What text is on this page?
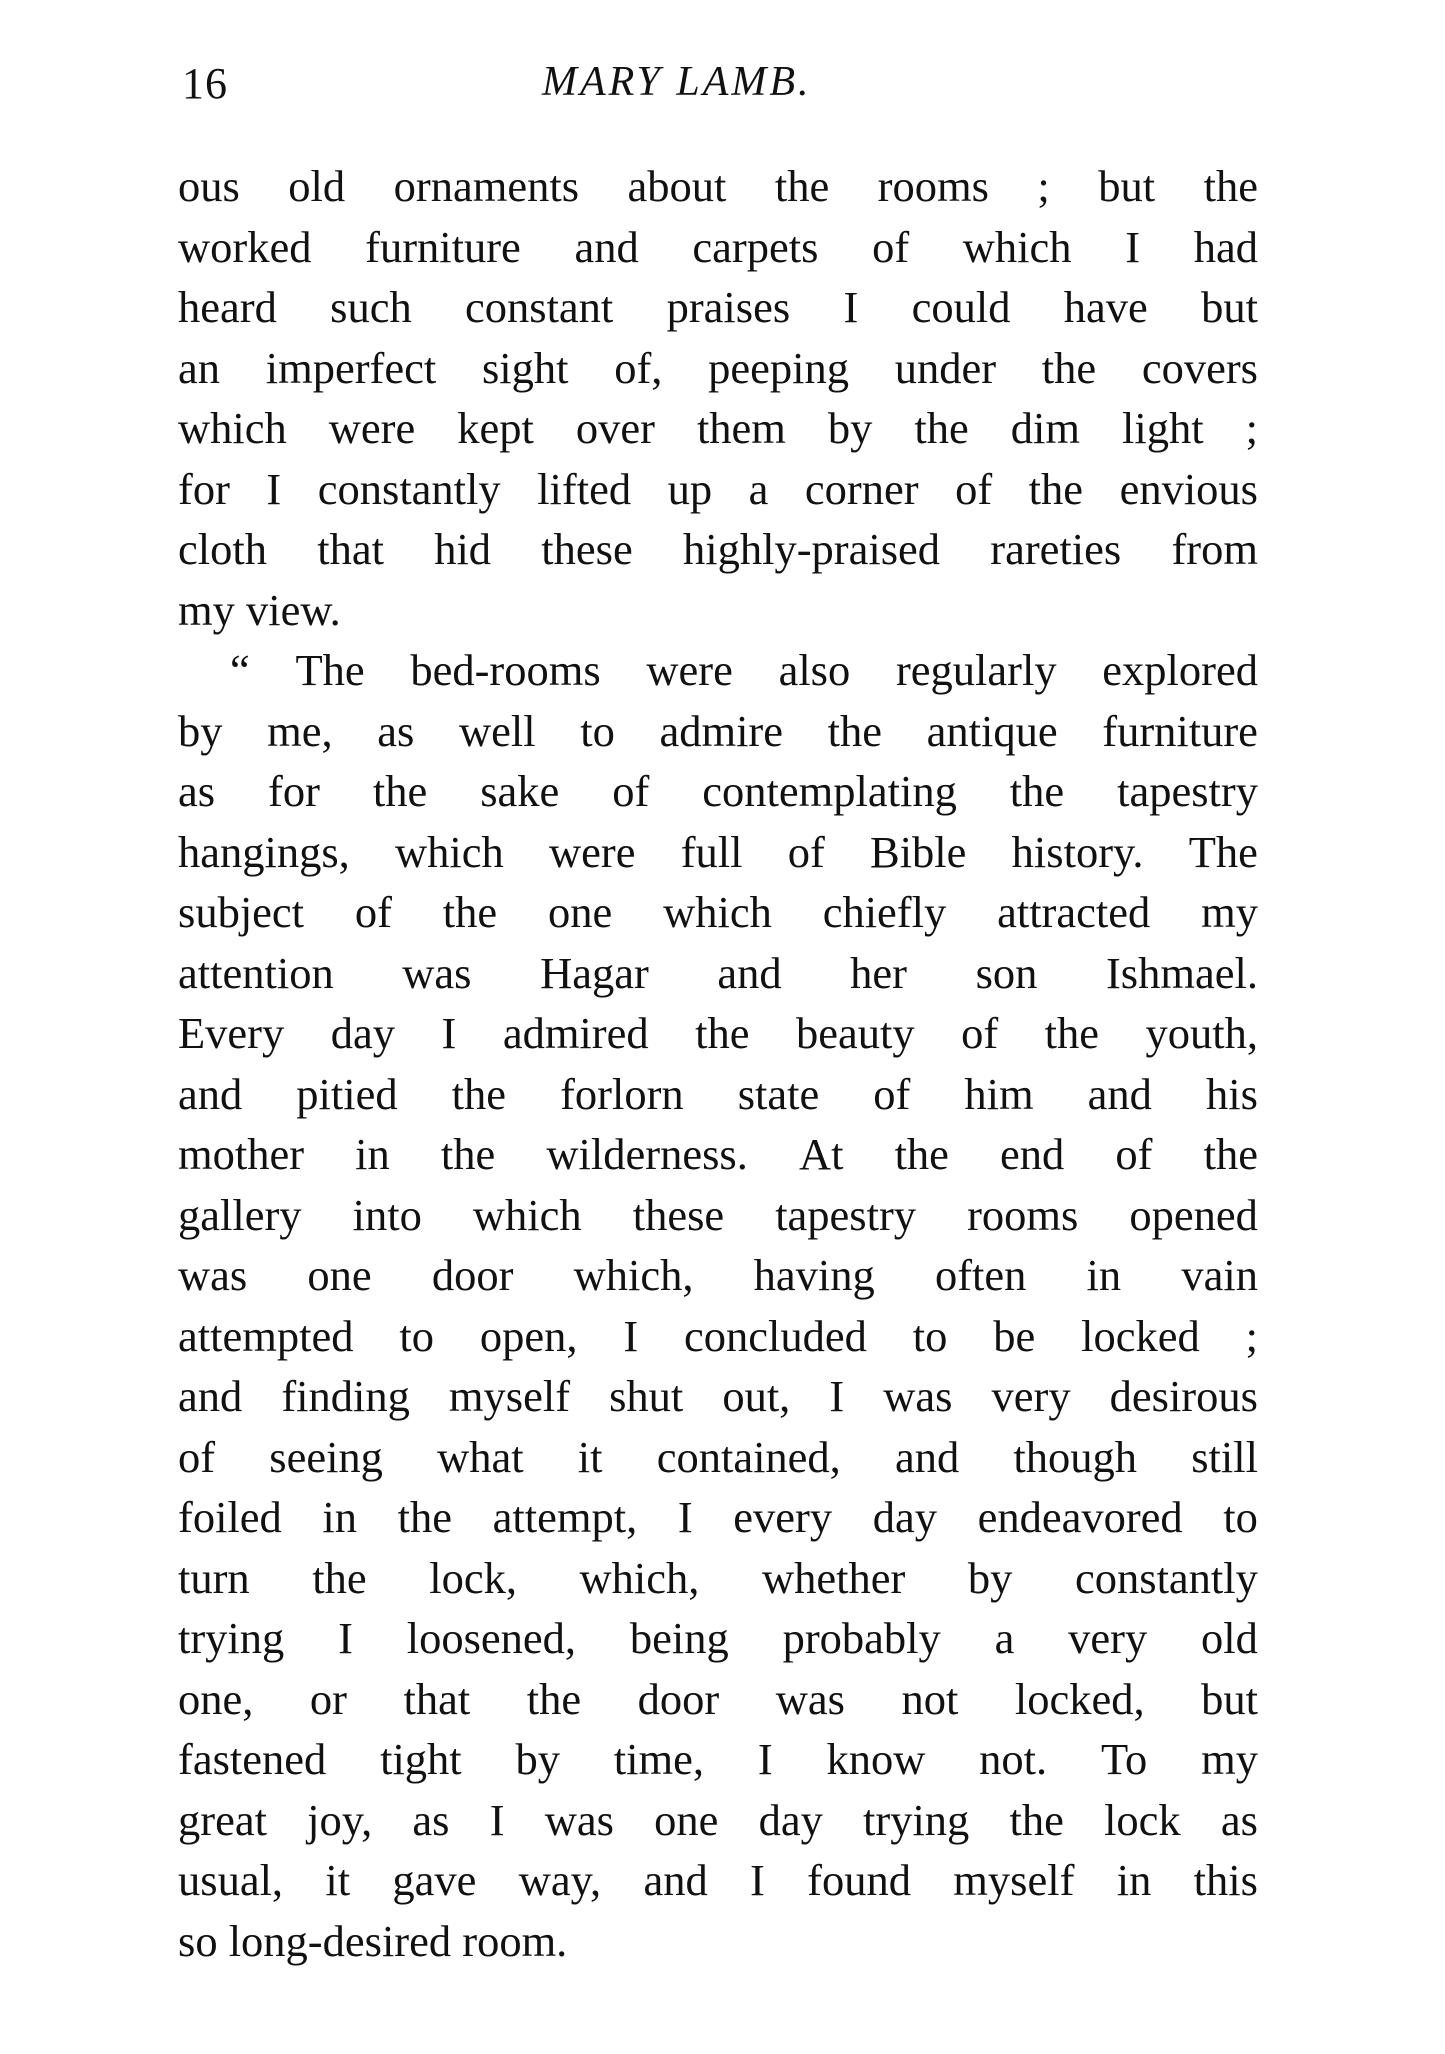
16	MARY LAMB.
ous old ornaments about the rooms ; but the
worked furniture and carpets of which I had
heard such constant praises I could have but
an imperfect sight of, peeping under the covers
which were kept over them by the dim light ;
for I constantly lifted up a corner of the envious
cloth that hid these highly-praised rareties from
my view.
“ The bed-rooms were also regularly explored
by me, as well to admire the antique furniture
as for the sake of contemplating the tapestry
hangings, which were full of Bible history. The
subject of the one which chiefly attracted my
attention was Hagar and her son Ishmael.
Every day I admired the beauty of the youth,
and pitied the forlorn state of him and his
mother in the wilderness. At the end of the
gallery into which these tapestry rooms opened
was one door which, having often in vain
attempted to open, I concluded to be locked ;
and finding myself shut out, I was very desirous
of seeing what it contained, and though still
foiled in the attempt, I every day endeavored to
turn the lock, which, whether by constantly
trying I loosened, being probably a very old
one, or that the door was not locked, but
fastened tight by time, I know not. To my
great joy, as I was one day trying the lock as
usual, it gave way, and I found myself in this
so long-desired room.
